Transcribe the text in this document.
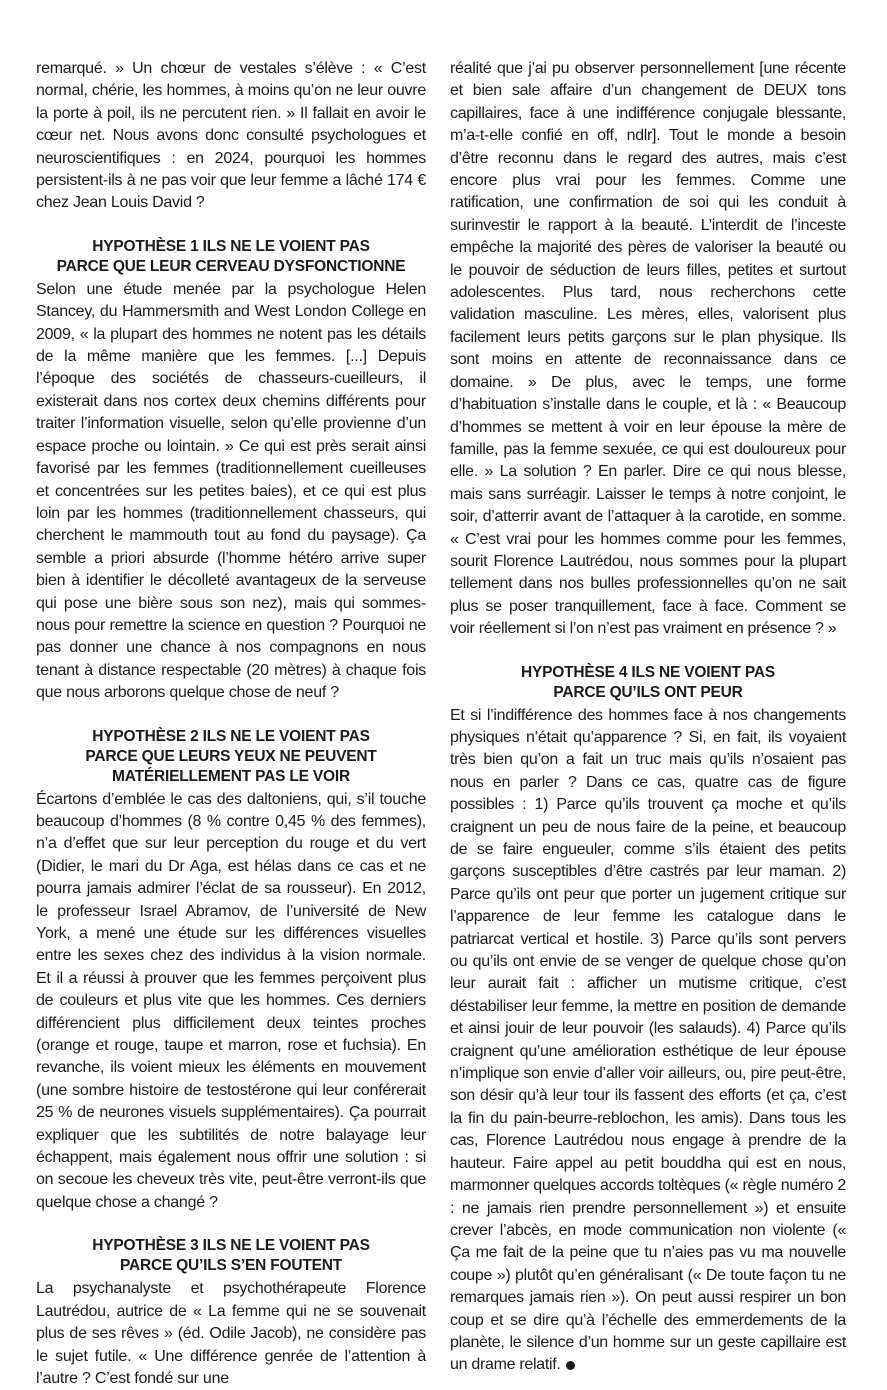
remarqué. » Un chœur de vestales s’élève : « C’est normal, chérie, les hommes, à moins qu’on ne leur ouvre la porte à poil, ils ne percutent rien. » Il fallait en avoir le cœur net. Nous avons donc consulté psychologues et neuroscientifiques : en 2024, pourquoi les hommes persistent-ils à ne pas voir que leur femme a lâché 174 € chez Jean Louis David ?

HYPOTHÈSE 1 ILS NE LE VOIENT PAS
PARCE QUE LEUR CERVEAU DYSFONCTIONNE

Selon une étude menée par la psychologue Helen Stancey, du Hammersmith and West London College en 2009, « la plupart des hommes ne notent pas les détails de la même manière que les femmes. [...] Depuis l’époque des sociétés de chasseurs-cueilleurs, il existerait dans nos cortex deux chemins différents pour traiter l’information visuelle, selon qu’elle provienne d’un espace proche ou lointain. » Ce qui est près serait ainsi favorisé par les femmes (traditionnellement cueilleuses et concentrées sur les petites baies), et ce qui est plus loin par les hommes (traditionnellement chasseurs, qui cherchent le mammouth tout au fond du paysage). Ça semble a priori absurde (l’homme hétéro arrive super bien à identifier le décolleté avantageux de la serveuse qui pose une bière sous son nez), mais qui sommes-nous pour remettre la science en question ? Pourquoi ne pas donner une chance à nos compagnons en nous tenant à distance respectable (20 mètres) à chaque fois que nous arborons quelque chose de neuf ?

HYPOTHÈSE 2 ILS NE LE VOIENT PAS
PARCE QUE LEURS YEUX NE PEUVENT
MATÉRIELLEMENT PAS LE VOIR

Écartons d’emblée le cas des daltoniens, qui, s’il touche beaucoup d’hommes (8 % contre 0,45 % des femmes), n’a d’effet que sur leur perception du rouge et du vert (Didier, le mari du Dr Aga, est hélas dans ce cas et ne pourra jamais admirer l’éclat de sa rousseur). En 2012, le professeur Israel Abramov, de l’université de New York, a mené une étude sur les différences visuelles entre les sexes chez des individus à la vision normale. Et il a réussi à prouver que les femmes perçoivent plus de couleurs et plus vite que les hommes. Ces derniers différencient plus difficilement deux teintes proches (orange et rouge, taupe et marron, rose et fuchsia). En revanche, ils voient mieux les éléments en mouvement (une sombre histoire de testostérone qui leur conférerait 25 % de neurones visuels supplémentaires). Ça pourrait expliquer que les subtilités de notre balayage leur échappent, mais également nous offrir une solution : si on secoue les cheveux très vite, peut-être verront-ils que quelque chose a changé ?

HYPOTHÈSE 3 ILS NE LE VOIENT PAS
PARCE QU’ILS S’EN FOUTENT

La psychanalyste et psychothérapeute Florence Lautrédou, autrice de « La femme qui ne se souvenait plus de ses rêves » (éd. Odile Jacob), ne considère pas le sujet futile. « Une différence genrée de l’attention à l’autre ? C’est fondé sur une

réalité que j’ai pu observer personnellement [une récente et bien sale affaire d’un changement de DEUX tons capillaires, face à une indifférence conjugale blessante, m’a-t-elle confié en off, ndlr]. Tout le monde a besoin d’être reconnu dans le regard des autres, mais c’est encore plus vrai pour les femmes. Comme une ratification, une confirmation de soi qui les conduit à surinvestir le rapport à la beauté. L’interdit de l’inceste empêche la majorité des pères de valoriser la beauté ou le pouvoir de séduction de leurs filles, petites et surtout adolescentes. Plus tard, nous recherchons cette validation masculine. Les mères, elles, valorisent plus facilement leurs petits garçons sur le plan physique. Ils sont moins en attente de reconnaissance dans ce domaine. » De plus, avec le temps, une forme d’habituation s’installe dans le couple, et là : « Beaucoup d’hommes se mettent à voir en leur épouse la mère de famille, pas la femme sexuée, ce qui est douloureux pour elle. » La solution ? En parler. Dire ce qui nous blesse, mais sans surréagir. Laisser le temps à notre conjoint, le soir, d’atterrir avant de l’attaquer à la carotide, en somme. « C’est vrai pour les hommes comme pour les femmes, sourit Florence Lautrédou, nous sommes pour la plupart tellement dans nos bulles professionnelles qu’on ne sait plus se poser tranquillement, face à face. Comment se voir réellement si l’on n’est pas vraiment en présence ? »

HYPOTHÈSE 4 ILS NE VOIENT PAS
PARCE QU’ILS ONT PEUR

Et si l’indifférence des hommes face à nos changements physiques n’était qu’apparence ? Si, en fait, ils voyaient très bien qu’on a fait un truc mais qu’ils n’osaient pas nous en parler ? Dans ce cas, quatre cas de figure possibles : 1) Parce qu’ils trouvent ça moche et qu’ils craignent un peu de nous faire de la peine, et beaucoup de se faire engueuler, comme s’ils étaient des petits garçons susceptibles d’être castrés par leur maman. 2) Parce qu’ils ont peur que porter un jugement critique sur l’apparence de leur femme les catalogue dans le patriarcat vertical et hostile. 3) Parce qu’ils sont pervers ou qu’ils ont envie de se venger de quelque chose qu’on leur aurait fait : afficher un mutisme critique, c’est déstabiliser leur femme, la mettre en position de demande et ainsi jouir de leur pouvoir (les salauds). 4) Parce qu’ils craignent qu’une amélioration esthétique de leur épouse n’implique son envie d’aller voir ailleurs, ou, pire peut-être, son désir qu’à leur tour ils fassent des efforts (et ça, c’est la fin du pain-beurre-reblochon, les amis). Dans tous les cas, Florence Lautrédou nous engage à prendre de la hauteur. Faire appel au petit bouddha qui est en nous, marmonner quelques accords toltèques (« règle numéro 2 : ne jamais rien prendre personnellement ») et ensuite crever l’abcès, en mode communication non violente (« Ça me fait de la peine que tu n’aies pas vu ma nouvelle coupe ») plutôt qu’en généralisant (« De toute façon tu ne remarques jamais rien »). On peut aussi respirer un bon coup et se dire qu’à l’échelle des emmerdements de la planète, le silence d’un homme sur un geste capillaire est un drame relatif.
